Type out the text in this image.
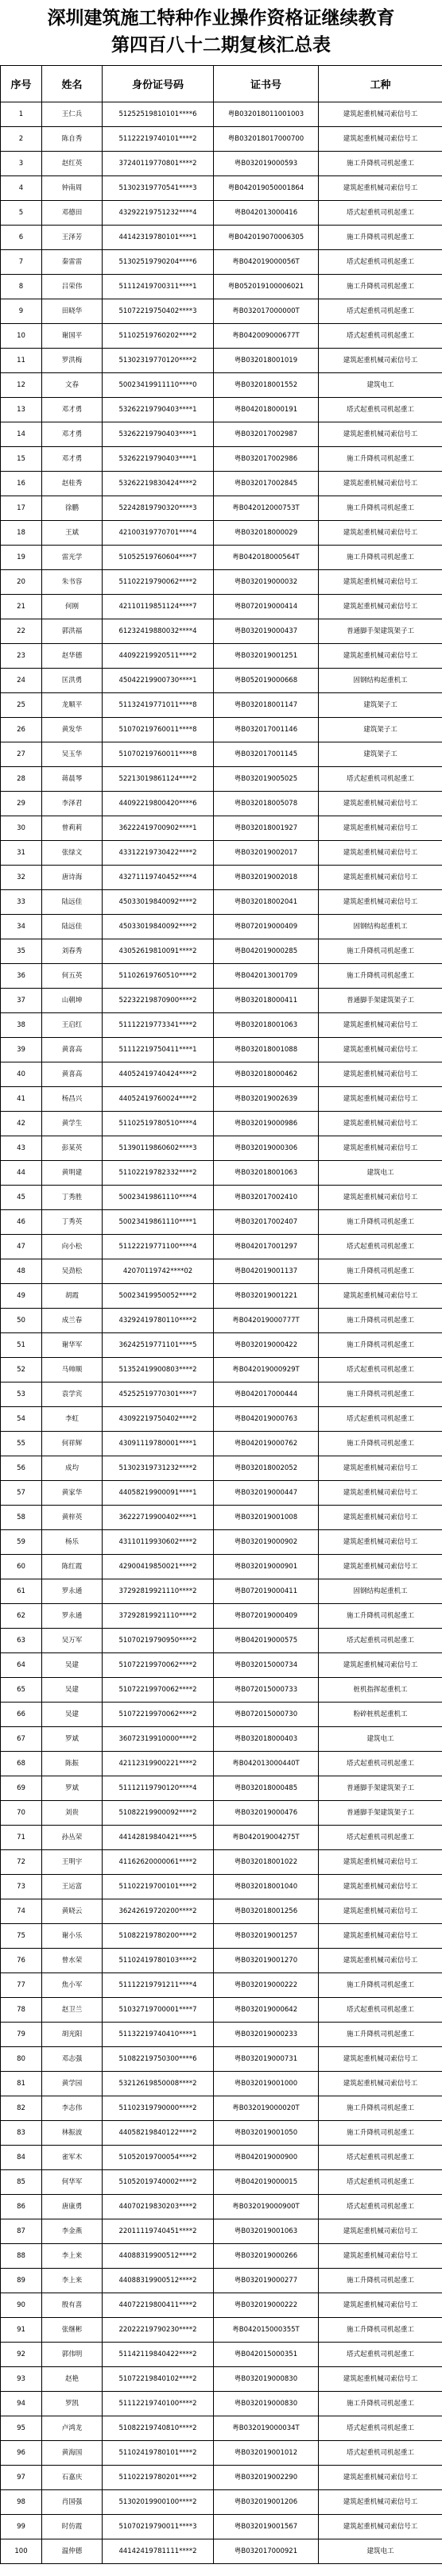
深圳建筑施工特种作业操作资格证继续教育
第四百八十二期复核汇总表
序号	姓名	身份证号码	证书号	工种
1	王仁兵	51252519810101****6	粤B032018011001003	建筑起重机械司索信号工
2	陈自秀	51122219740101****2	粤B032018017000700	建筑起重机械司索信号工
3	赵红英	37240119770801****2	粤B032019000593	施工升降机司机起重工
4	钟南周	51302319770541****3	粤B042019050001864	建筑起重机械司索信号工
5	邓德田	43292219751232****4	粤B042013000416	塔式起重机司机起重工
6	王泽芳	44142319780101****1	粤B042019070006305	施工升降机司机起重工
7	秦雷雷	51302519790204****6	粤B042019000056T	塔式起重机司机起重工
8	吕荣伟	51112419700311****1	粤B052019100006021	施工升降机司机起重工
9	田晓华	51072219750402****3	粤B032017000000T	塔式起重机司机起重工
10	谢国平	51102519760202****2	粤B042009000677T	塔式起重机司机起重工
11	罗洪梅	51302319770120****2	粤B032018001019	建筑起重机械司索信号工
12	文春	50023419911110****0	粤B032018001552	建筑电工
13	邓才勇	53262219790403****1	粤B042018000191	塔式起重机司机起重工
14	邓才勇	53262219790403****1	粤B032017002987	建筑起重机械司索信号工
15	邓才勇	53262219790403****1	粤B032017002986	施工升降机司机起重工
16	赵桂秀	53262219830424****2	粤B032017002845	建筑起重机械司索信号工
17	徐鹏	52242819790320****3	粤B042012000753T	施工升降机司机起重工
18	王斌	42100319770701****4	粤B032018000029	建筑起重机械司索信号工
19	雷光学	51052519760604****7	粤B042018000564T	施工升降机司机起重工
20	朱书容	51102219790062****2	粤B032019000032	建筑起重机械司索信号工
21	何刚	42110119851124****7	粤B072019000414	建筑起重机械司索信号工
22	郭洪福	61232419880032****4	粤B032019000437	普通脚手架建筑架子工
23	赵华德	44092219920511****2	粤B032019001251	建筑起重机械司索信号工
24	匡洪勇	45042219900730****1	粤B052019000668	固钢结构起重机工
25	龙顺平	51132419771011****8	粤B032018001147	建筑架子工
26	黄发华	51070219760011****8	粤B032017001146	建筑架子工
27	吴玉华	51070219760011****8	粤B032017001145	建筑架子工
28	蒋晨琴	52213019861124****2	粤B032019005025	塔式起重机司机起重工
29	李泽君	44092219800420****6	粤B032018005078	建筑起重机械司索信号工
30	曾莉莉	36222419700902****1	粤B032018001927	建筑起重机械司索信号工
31	张绿文	43312219730422****2	粤B032019002017	建筑起重机械司索信号工
32	唐诗海	43271119740452****4	粤B032019002018	建筑起重机械司索信号工
33	陆远佳	45033019840092****2	粤B032018002041	建筑起重机械司索信号工
34	陆远佳	45033019840092****2	粤B072019000409	固钢结构起重机工
35	刘春秀	43052619810091****2	粤B042019000285	施工升降机司机起重工
36	何五英	51102619760510****2	粤B042013001709	施工升降机司机起重工
37	山朝坤	52232219870900****2	粤B032018000411	普通脚手架建筑架子工
38	王启红	51112219773341****2	粤B032018001063	建筑起重机械司索信号工
39	黄喜高	51112219750411****1	粤B032018001088	建筑起重机械司索信号工
40	黄喜高	44052419740424****2	粤B032018000462	建筑起重机械司索信号工
41	杨昌兴	44052419760024****2	粤B032019002639	建筑起重机械司索信号工
42	黄学生	51102519780510****4	粤B032019000986	建筑起重机械司索信号工
43	彭某英	51390119860602****3	粤B032019000306	建筑起重机械司索信号工
44	黄明建	51102219782332****2	粤B032018001063	建筑电工
45	丁秀胜	50023419861110****4	粤B032017002410	建筑起重机械司索信号工
46	丁秀英	50023419861110****1	粤B032017002407	施工升降机司机起重工
47	向小松	51122219771100****4	粤B042017001297	塔式起重机司机起重工
48	吴劲松	42070119742****02	粤B042019001137	施工升降机司机起重工
49	胡霞	50023419950052****2	粤B032019001221	建筑起重机械司索信号工
50	成兰春	43292419780110****2	粤B042019000777T	施工升降机司机起重工
51	谢华军	36242519771101****5	粤B032019000422	施工升降机司机起重工
52	马帅顺	51352419900803****2	粤B042019000929T	塔式起重机司机起重工
53	袁学宾	45252519770301****7	粤B042017000444	施工升降机司机起重工
54	李虹	43092219750402****2	粤B042019000763	塔式起重机司机起重工
55	何祥辉	43091119780001****1	粤B042019000762	施工升降机司机起重工
56	成均	51302319731232****2	粤B032018002052	建筑起重机械司索信号工
57	黄家华	44058219900091****1	粤B032019000447	建筑起重机械司索信号工
58	黄梓英	36222719900402****1	粤B032019001008	建筑起重机械司索信号工
59	杨乐	43110119930602****2	粤B032019000902	建筑起重机械司索信号工
60	陈红霞	42900419850021****2	粤B032019000901	建筑起重机械司索信号工
61	罗永通	37292819921110****2	粤B072019000411	固钢结构起重机工
62	罗永通	37292819921110****2	粤B072019000409	施工升降机司机起重工
63	吴万军	51070219790950****2	粤B042019000575	塔式起重机司机起重工
64	吴建	51072219970062****2	粤B032015000734	建筑起重机械司索信号工
65	吴建	51072219970062****2	粤B072015000733	桩机指挥起重机工
66	吴建	51072219970062****2	粤B072015000730	粉碎桩机起重机工
67	罗斌	36072319910000****2	粤B032018000403	建筑电工
68	陈振	42112319900221****2	粤B042013000440T	塔式起重机司机起重工
69	罗斌	51112119790120****4	粤B032018000485	普通脚手架建筑架子工
70	刘贵	51082219900092****2	粤B032019000476	普通脚手架建筑架子工
71	孙丛荣	44142819840421****5	粤B042019004275T	塔式起重机司机起重工
72	王明宇	41162620000061****2	粤B032018001022	建筑起重机械司索信号工
73	王运富	51102219700101****2	粤B032018001040	建筑起重机械司索信号工
74	黄晓云	36242619720200****2	粤B032018001256	建筑起重机械司索信号工
75	谢小乐	51082219780200****2	粤B032019001257	建筑起重机械司索信号工
76	曾水荣	51102419780103****2	粤B032019001270	建筑起重机械司索信号工
77	焦小军	51112219791211****4	粤B032019000222	施工升降机司机起重工
78	赵卫兰	51032719700001****7	粤B032019000642	塔式起重机司机起重工
79	胡光阳	51132219740410****1	粤B032019000233	施工升降机司机起重工
80	邓志强	51082219750300****6	粤B032019000731	建筑起重机械司索信号工
81	黄学园	53212619850008****2	粤B032019001000	建筑起重机械司索信号工
82	李志伟	51102319790000****2	粤B032019000020T	施工升降机司机起重工
83	林振波	44058219840122****2	粤B032019001050	施工升降机司机起重工
84	雀军木	51052019700054****2	粤B042019000900	塔式起重机司机起重工
85	何华军	51052019740002****2	粤B042019000015	塔式起重机司机起重工
86	唐康勇	44070219830203****2	粤B032019000900T	塔式起重机司机起重工
87	李金燕	22011119740451****2	粤B032019001063	建筑起重机械司索信号工
88	李上来	44088319900512****2	粤B032019000266	建筑起重机械司索信号工
89	李上来	44088319900512****2	粤B032019000277	施工升降机司机起重工
90	殷有喜	44072219800411****2	粤B032019000222	建筑起重机械司索信号工
91	张继彬	22022219790230****2	粤B042015000355T	施工升降机司机起重工
92	郭伟明	51142119840422****2	粤B042015000351	塔式起重机司机起重工
93	赵艳	51072219840102****2	粤B032019000830	建筑起重机械司索信号工
94	罗凯	51112219740100****2	粤B032019000830	施工升降机司机起重工
95	卢鸿龙	51082219740810****2	粤B032019000034T	塔式起重机司机起重工
96	黄海国	51102419780101****2	粤B032019001012	塔式起重机司机起重工
97	石嘉庆	51102219780201****2	粤B032019002290	建筑起重机械司索信号工
98	肖国强	51302019900100****2	粤B032019001206	建筑起重机械司索信号工
99	时仿霞	51070219790011****3	粤B032019001567	建筑起重机械司索信号工
100	温仲德	44142419781111****2	粤B032017000921	建筑电工
